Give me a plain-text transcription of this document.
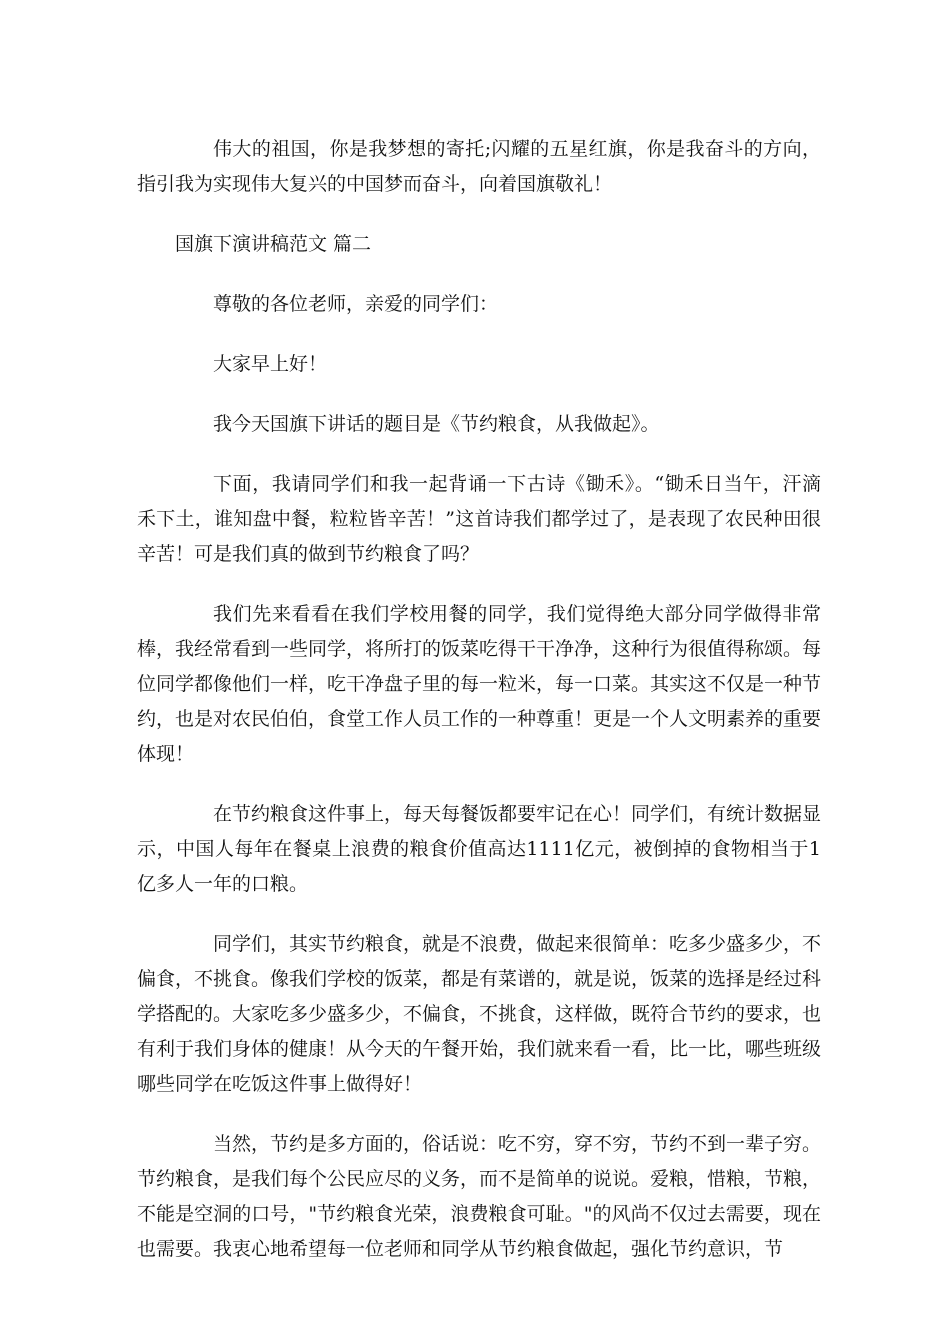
伟大的祖国，你是我梦想的寄托;闪耀的五星红旗，你是我奋斗的方向，指引我为实现伟大复兴的中国梦而奋斗，向着国旗敬礼！

国旗下演讲稿范文 篇二

尊敬的各位老师，亲爱的同学们：

大家早上好！

我今天国旗下讲话的题目是《节约粮食，从我做起》。

下面，我请同学们和我一起背诵一下古诗《锄禾》。“锄禾日当午，汗滴禾下土，谁知盘中餐，粒粒皆辛苦！”这首诗我们都学过了，是表现了农民种田很辛苦！可是我们真的做到节约粮食了吗？

我们先来看看在我们学校用餐的同学，我们觉得绝大部分同学做得非常棒，我经常看到一些同学，将所打的饭菜吃得干干净净，这种行为很值得称颂。每位同学都像他们一样，吃干净盘子里的每一粒米，每一口菜。其实这不仅是一种节约，也是对农民伯伯，食堂工作人员工作的一种尊重！更是一个人文明素养的重要体现！

在节约粮食这件事上，每天每餐饭都要牢记在心！同学们，有统计数据显示，中国人每年在餐桌上浪费的粮食价值高达1111亿元，被倒掉的食物相当于1亿多人一年的口粮。

同学们，其实节约粮食，就是不浪费，做起来很简单：吃多少盛多少，不偏食，不挑食。像我们学校的饭菜，都是有菜谱的，就是说，饭菜的选择是经过科学搭配的。大家吃多少盛多少，不偏食，不挑食，这样做，既符合节约的要求，也有利于我们身体的健康！从今天的午餐开始，我们就来看一看，比一比，哪些班级哪些同学在吃饭这件事上做得好！

当然，节约是多方面的，俗话说：吃不穷，穿不穷，节约不到一辈子穷。节约粮食，是我们每个公民应尽的义务，而不是简单的说说。爱粮，惜粮，节粮，不能是空洞的口号，"节约粮食光荣，浪费粮食可耻。"的风尚不仅过去需要，现在也需要。我衷心地希望每一位老师和同学从节约粮食做起，强化节约意识，节
